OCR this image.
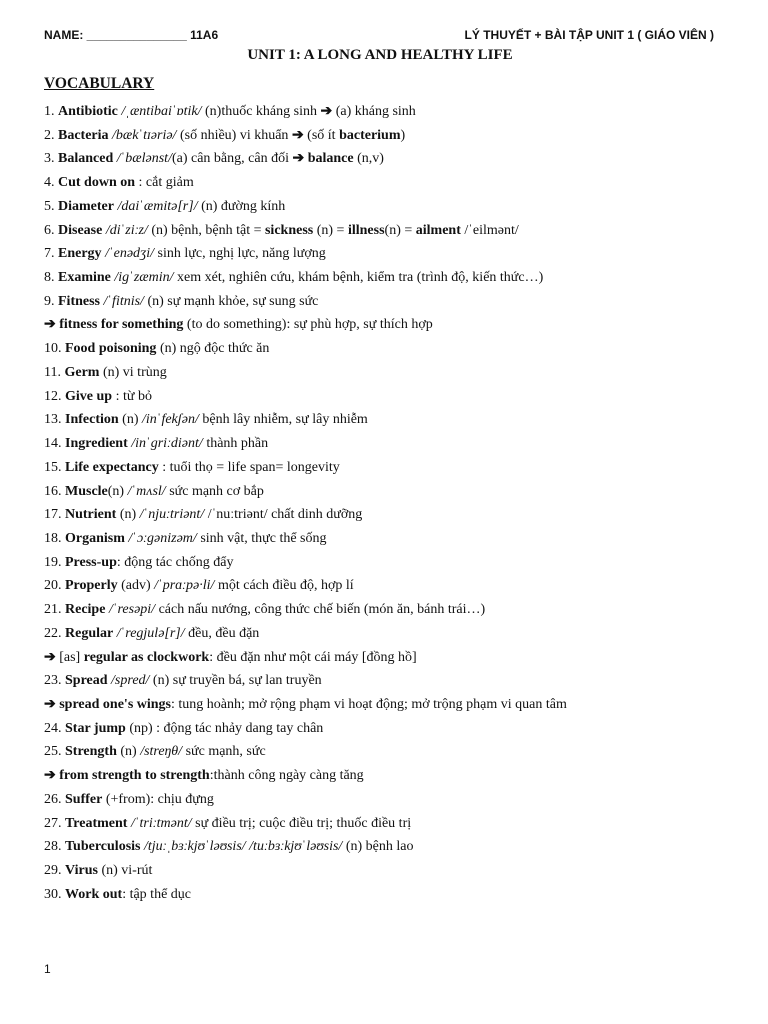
NAME: _______________ 11A6	LÝ THUYẾT + BÀI TẬP UNIT 1 ( GIÁO VIÊN )
UNIT 1: A LONG AND HEALTHY LIFE
VOCABULARY
1. Antibiotic /ˌæntibaiˈɒtik/ (n)thuốc kháng sinh ➔ (a) kháng sinh
2. Bacteria /bækˈtɪəriə/ (số nhiều) vi khuẩn ➔ (số ít bacterium)
3. Balanced /ˈbælənst/(a) cân bằng, cân đối ➔ balance (n,v)
4. Cut down on : cắt giảm
5. Diameter /daiˈæmitə[r]/ (n) đường kính
6. Disease /diˈziːz/ (n) bệnh, bệnh tật = sickness (n) = illness(n) = ailment /ˈeilmənt/
7. Energy /ˈenədʒi/ sinh lực, nghị lực, năng lượng
8. Examine /igˈzæmin/ xem xét, nghiên cứu, khám bệnh, kiểm tra (trình độ, kiến thức…)
9. Fitness /ˈfitnis/ (n) sự mạnh khỏe, sự sung sức
➔ fitness for something (to do something): sự phù hợp, sự thích hợp
10. Food poisoning (n) ngộ độc thức ăn
11. Germ (n) vi trùng
12. Give up : từ bỏ
13. Infection (n) /inˈfekʃən/ bệnh lây nhiễm, sự lây nhiễm
14. Ingredient /inˈgriːdiənt/ thành phần
15. Life expectancy : tuổi thọ = life span= longevity
16. Muscle(n) /ˈmʌsl/ sức mạnh cơ bắp
17. Nutrient (n) /ˈnjuːtriənt/ /ˈnuːtriənt/ chất dinh dưỡng
18. Organism /ˈɔːgənizəm/ sinh vật, thực thể sống
19. Press-up: động tác chống đẩy
20. Properly (adv) /ˈprɑːpə·li/ một cách điều độ, hợp lí
21. Recipe /ˈresəpi/ cách nấu nướng, công thức chế biến (món ăn, bánh trái…)
22. Regular /ˈregjulə[r]/ đều, đều đặn
➔ [as] regular as clockwork: đều đặn như một cái máy [đồng hồ]
23. Spread /spred/ (n) sự truyền bá, sự lan truyền
➔ spread one's wings: tung hoành; mở rộng phạm vi hoạt động; mở trộng phạm vi quan tâm
24. Star jump (np) : động tác nhảy dang tay chân
25. Strength (n) /streŋθ/ sức mạnh, sức
➔ from strength to strength:thành công ngày càng tăng
26. Suffer (+from): chịu đựng
27. Treatment /ˈtriːtmənt/ sự điều trị; cuộc điều trị; thuốc điều trị
28. Tuberculosis /tjuːˌbɜːkjʊˈləʊsis/ /tuːbɜːkjʊˈləʊsis/ (n) bệnh lao
29. Virus (n) vi-rút
30. Work out: tập thể dục
1
